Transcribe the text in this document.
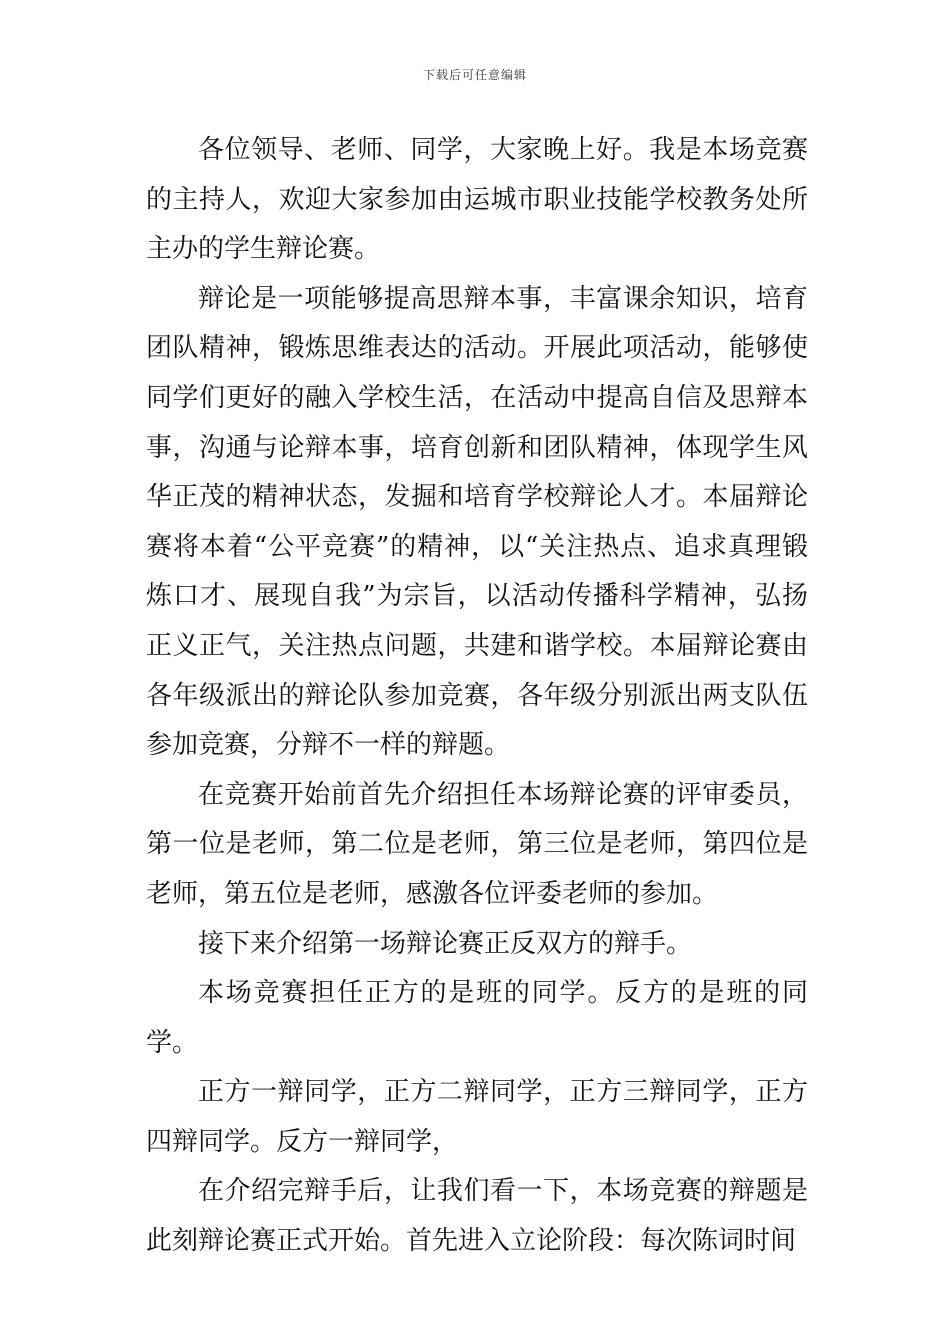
下载后可任意编辑

各位领导、老师、同学，大家晚上好。我是本场竞赛的主持人，欢迎大家参加由运城市职业技能学校教务处所主办的学生辩论赛。

辩论是一项能够提高思辩本事，丰富课余知识，培育团队精神，锻炼思维表达的活动。开展此项活动，能够使同学们更好的融入学校生活，在活动中提高自信及思辩本事，沟通与论辩本事，培育创新和团队精神，体现学生风华正茂的精神状态，发掘和培育学校辩论人才。本届辩论赛将本着“公平竞赛”的精神，以“关注热点、追求真理锻炼口才、展现自我”为宗旨，以活动传播科学精神，弘扬正义正气，关注热点问题，共建和谐学校。本届辩论赛由各年级派出的辩论队参加竞赛，各年级分别派出两支队伍参加竞赛，分辩不一样的辩题。

在竞赛开始前首先介绍担任本场辩论赛的评审委员，第一位是老师，第二位是老师，第三位是老师，第四位是老师，第五位是老师，感激各位评委老师的参加。

接下来介绍第一场辩论赛正反双方的辩手。

本场竞赛担任正方的是班的同学。反方的是班的同学。

正方一辩同学，正方二辩同学，正方三辩同学，正方四辩同学。反方一辩同学，

在介绍完辩手后，让我们看一下，本场竞赛的辩题是此刻辩论赛正式开始。首先进入立论阶段：每次陈词时间
